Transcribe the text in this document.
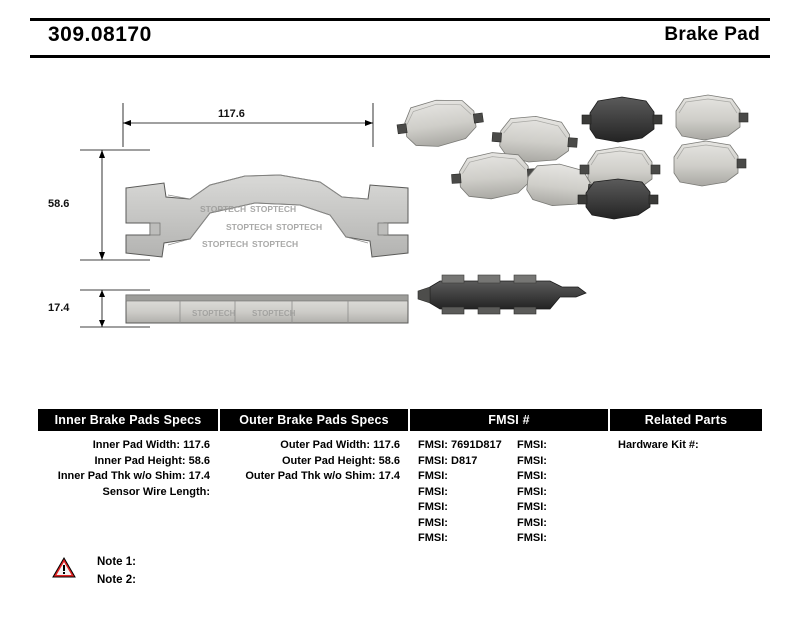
309.08170	Brake Pad
STOPTECH STOPTECH
STOPTECH STOPTECH
STOPTECH STOPTECH
STOPTECH STOPTECH
117.6
58.6
17.4
Inner Brake Pads Specs
Inner Pad Width: 117.6
Inner Pad Height: 58.6
Inner Pad Thk w/o Shim: 17.4
Sensor Wire Length:
Outer Brake Pads Specs
Outer Pad Width: 117.6
Outer Pad Height: 58.6
Outer Pad Thk w/o Shim: 17.4
FMSI #
FMSI: 7691D817
FMSI: D817
FMSI:
FMSI:
FMSI:
FMSI:
FMSI:
FMSI:
FMSI:
FMSI:
FMSI:
FMSI:
FMSI:
FMSI:
Related Parts
Hardware Kit #:
Note 1:
Note 2:
